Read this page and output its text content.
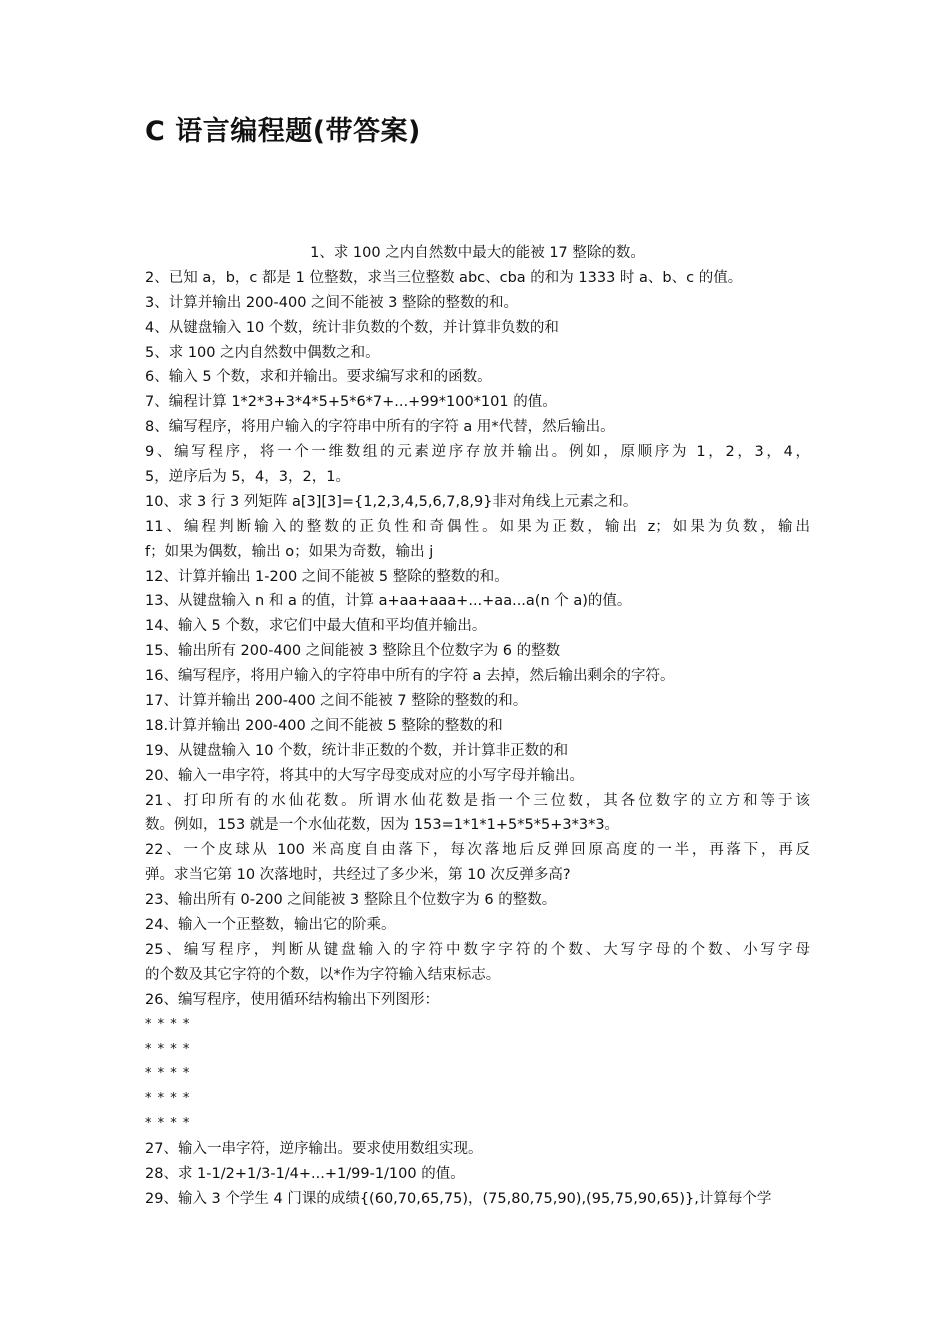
C 语言编程题(带答案)
1、求 100 之内自然数中最大的能被 17 整除的数。
2、已知 a，b，c 都是 1 位整数，求当三位整数 abc、cba 的和为 1333 时 a、b、c 的值。
3、计算并输出 200-400 之间不能被 3 整除的整数的和。
4、从键盘输入 10 个数，统计非负数的个数，并计算非负数的和
5、求 100 之内自然数中偶数之和。
6、输入 5 个数，求和并输出。要求编写求和的函数。
7、编程计算 1*2*3+3*4*5+5*6*7+...+99*100*101 的值。
8、编写程序，将用户输入的字符串中所有的字符 a 用*代替，然后输出。
9、编写程序，将一个一维数组的元素逆序存放并输出。例如，原顺序为 1，2，3，4，
5，逆序后为 5，4，3，2，1。
10、求 3 行 3 列矩阵 a[3][3]={1,2,3,4,5,6,7,8,9}非对角线上元素之和。
11、编程判断输入的整数的正负性和奇偶性。如果为正数，输出 z；如果为负数，输出
f；如果为偶数，输出 o；如果为奇数，输出 j
12、计算并输出 1-200 之间不能被 5 整除的整数的和。
13、从键盘输入 n 和 a 的值，计算 a+aa+aaa+...+aa...a(n 个 a)的值。
14、输入 5 个数，求它们中最大值和平均值并输出。
15、输出所有 200-400 之间能被 3 整除且个位数字为 6 的整数
16、编写程序，将用户输入的字符串中所有的字符 a 去掉，然后输出剩余的字符。
17、计算并输出 200-400 之间不能被 7 整除的整数的和。
18.计算并输出 200-400 之间不能被 5 整除的整数的和
19、从键盘输入 10 个数，统计非正数的个数，并计算非正数的和
20、输入一串字符，将其中的大写字母变成对应的小写字母并输出。
21、打印所有的水仙花数。所谓水仙花数是指一个三位数，其各位数字的立方和等于该
数。例如，153 就是一个水仙花数，因为 153=1*1*1+5*5*5+3*3*3。
22、一个皮球从 100 米高度自由落下，每次落地后反弹回原高度的一半，再落下，再反
弹。求当它第 10 次落地时，共经过了多少米，第 10 次反弹多高?
23、输出所有 0-200 之间能被 3 整除且个位数字为 6 的整数。
24、输入一个正整数，输出它的阶乘。
25、编写程序，判断从键盘输入的字符中数字字符的个数、大写字母的个数、小写字母
的个数及其它字符的个数，以*作为字符输入结束标志。
26、编写程序，使用循环结构输出下列图形：
* * * *
* * * *
* * * *
* * * *
* * * *
27、输入一串字符，逆序输出。要求使用数组实现。
28、求 1-1/2+1/3-1/4+...+1/99-1/100 的值。
29、输入 3 个学生 4 门课的成绩{(60,70,65,75)，(75,80,75,90),(95,75,90,65)},计算每个学
